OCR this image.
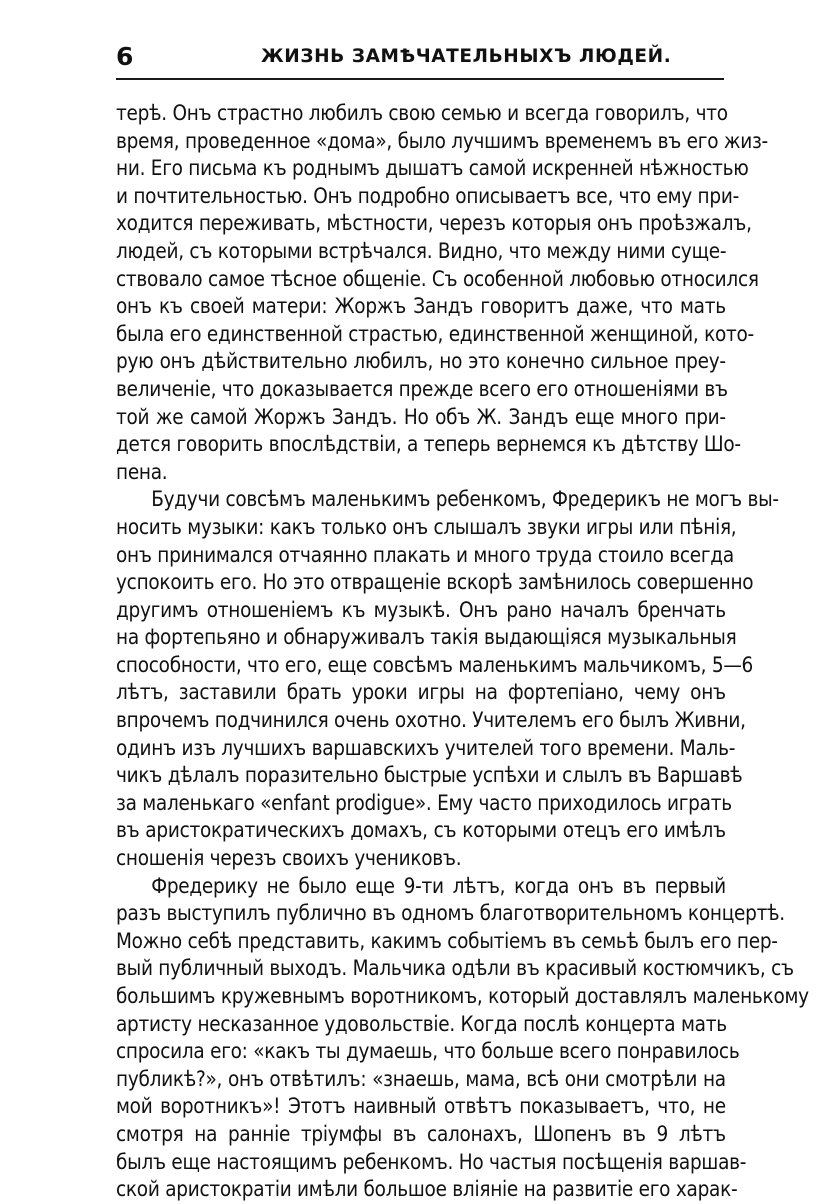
6	ЖИЗНЬ ЗАМѢЧАТЕЛЬНЫХЪ ЛЮДЕЙ.
терѣ. Онъ страстно любилъ свою семью и всегда говорилъ, что
время, проведенное «дома», было лучшимъ временемъ въ его жиз-
ни. Его письма къ роднымъ дышатъ самой искренней нѣжностью
и почтительностью. Онъ подробно описываетъ все, что ему при-
ходится переживать, мѣстности, черезъ которыя онъ проѣзжалъ,
людей, съ которыми встрѣчался. Видно, что между ними суще-
ствовало самое тѣсное общеніе. Съ особенной любовью относился
онъ къ своей матери: Жоржъ Зандъ говоритъ даже, что мать
была его единственной страстью, единственной женщиной, кото-
рую онъ дѣйствительно любилъ, но это конечно сильное преу-
величеніе, что доказывается прежде всего его отношеніями въ
той же самой Жоржъ Зандъ. Но объ Ж. Зандъ еще много при-
дется говорить впослѣдствіи, а теперь вернемся къ дѣтству Шо-
пена.
Будучи совсѣмъ маленькимъ ребенкомъ, Фредерикъ не могъ вы-
носить музыки: какъ только онъ слышалъ звуки игры или пѣнія,
онъ принимался отчаянно плакать и много труда стоило всегда
успокоить его. Но это отвращеніе вскорѣ замѣнилось совершенно
другимъ отношеніемъ къ музыкѣ. Онъ рано началъ бренчать
на фортепьяно и обнаруживалъ такія выдающіяся музыкальныя
способности, что его, еще совсѣмъ маленькимъ мальчикомъ, 5—6
лѣтъ, заставили брать уроки игры на фортепіано, чему онъ
впрочемъ подчинился очень охотно. Учителемъ его былъ Живни,
одинъ изъ лучшихъ варшавскихъ учителей того времени. Маль-
чикъ дѣлалъ поразительно быстрые успѣхи и слылъ въ Варшавѣ
за маленькаго «enfant prodigue». Ему часто приходилось играть
въ аристократическихъ домахъ, съ которыми отецъ его имѣлъ
сношенія черезъ своихъ учениковъ.
Фредерику не было еще 9-ти лѣтъ, когда онъ въ первый
разъ выступилъ публично въ одномъ благотворительномъ концертѣ.
Можно себѣ представить, какимъ событіемъ въ семьѣ былъ его пер-
вый публичный выходъ. Мальчика одѣли въ красивый костюмчикъ, съ
большимъ кружевнымъ воротникомъ, который доставлялъ маленькому
артисту несказанное удовольствіе. Когда послѣ концерта мать
спросила его: «какъ ты думаешь, что больше всего понравилось
публикѣ?», онъ отвѣтилъ: «знаешь, мама, всѣ они смотрѣли на
мой воротникъ»! Этотъ наивный отвѣтъ показываетъ, что, не
смотря на раннiе тріумфы въ салонахъ, Шопенъ въ 9 лѣтъ
былъ еще настоящимъ ребенкомъ. Но частыя посѣщенія варшав-
ской аристократіи имѣли большое вліяніе на развитіе его харак-
